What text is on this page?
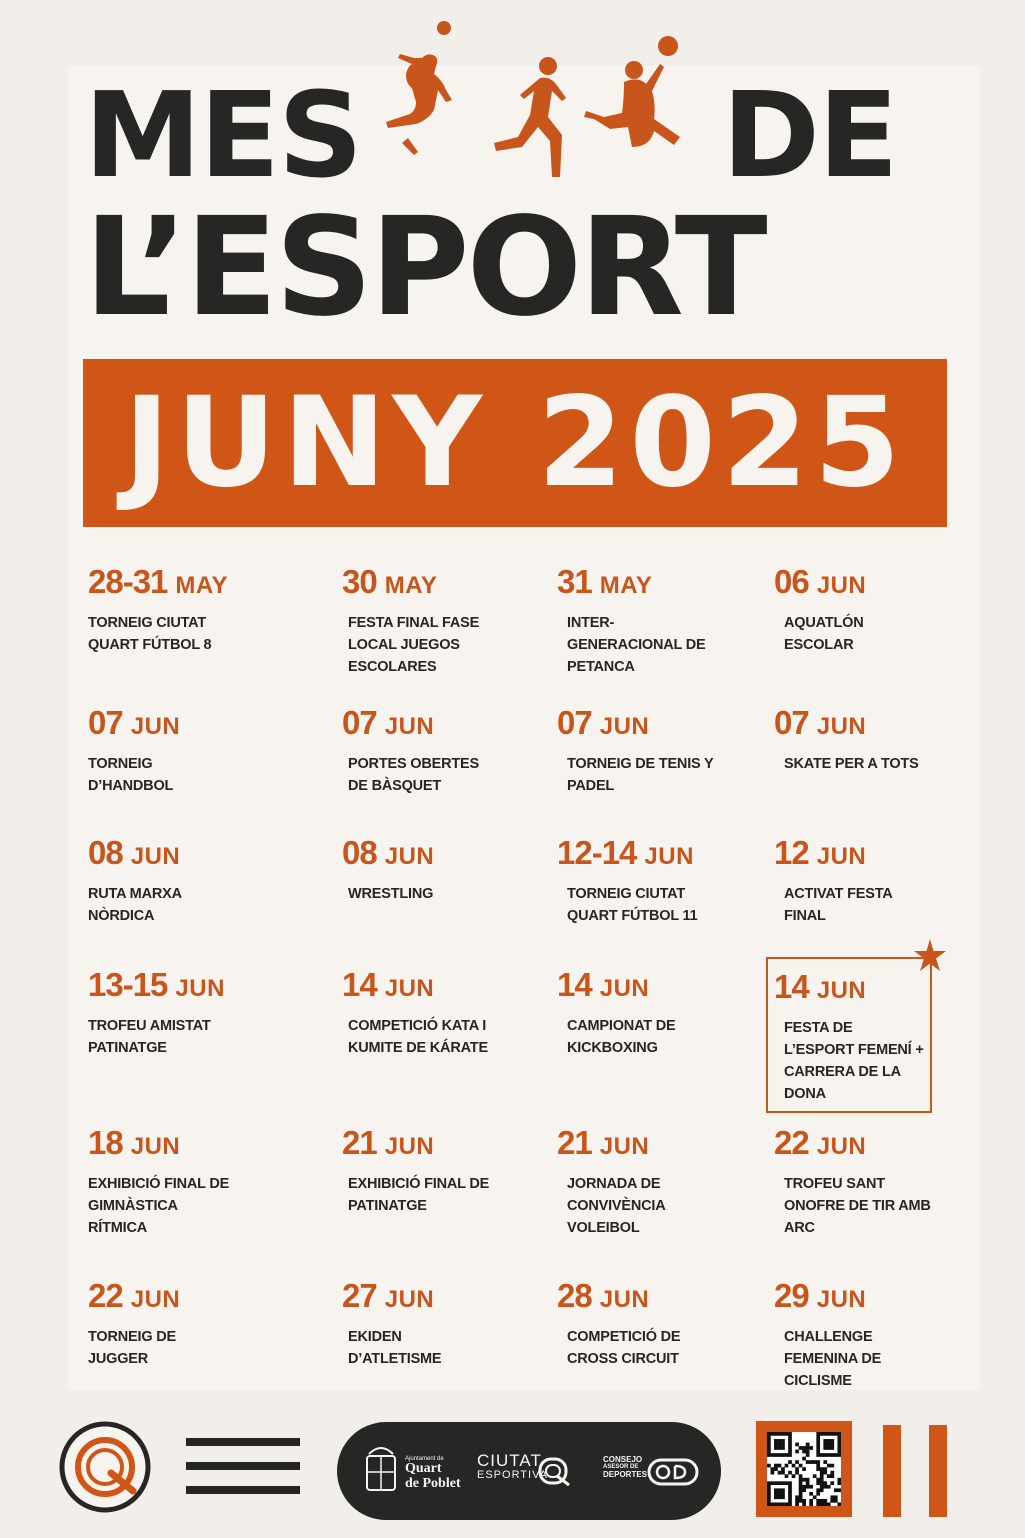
MES	DE
L’ESPORT
JUNY 2025
28-31 MAY
TORNEIG CIUTAT QUART FÚTBOL 8
30 MAY
FESTA FINAL FASE LOCAL JUEGOS ESCOLARES
31 MAY
INTER-GENERACIONAL DE PETANCA
06 JUN
AQUATLÓN ESCOLAR
07 JUN
TORNEIG D’HANDBOL
07 JUN
PORTES OBERTES DE BÀSQUET
07 JUN
TORNEIG DE TENIS Y PADEL
07 JUN
SKATE PER A TOTS
08 JUN
RUTA MARXA NÒRDICA
08 JUN
WRESTLING
12-14 JUN
TORNEIG CIUTAT QUART FÚTBOL 11
12 JUN
ACTIVAT FESTA FINAL
13-15 JUN
TROFEU AMISTAT PATINATGE
14 JUN
COMPETICIÓ KATA I KUMITE DE KÁRATE
14 JUN
CAMPIONAT DE KICKBOXING
14 JUN
FESTA DE L’ESPORT FEMENÍ + CARRERA DE LA DONA
18 JUN
EXHIBICIÓ FINAL DE GIMNÀSTICA RÍTMICA
21 JUN
EXHIBICIÓ FINAL DE PATINATGE
21 JUN
JORNADA DE CONVIVÈNCIA VOLEIBOL
22 JUN
TROFEU SANT ONOFRE DE TIR AMB ARC
22 JUN
TORNEIG DE JUGGER
27 JUN
EKIDEN D’ATLETISME
28 JUN
COMPETICIÓ DE CROSS CIRCUIT
29 JUN
CHALLENGE FEMENINA DE CICLISME
Ajuntament de
Quart
de Poblet
CIUTAT
ESPORTIVA
CONSEJO
ASESOR DE
DEPORTES
